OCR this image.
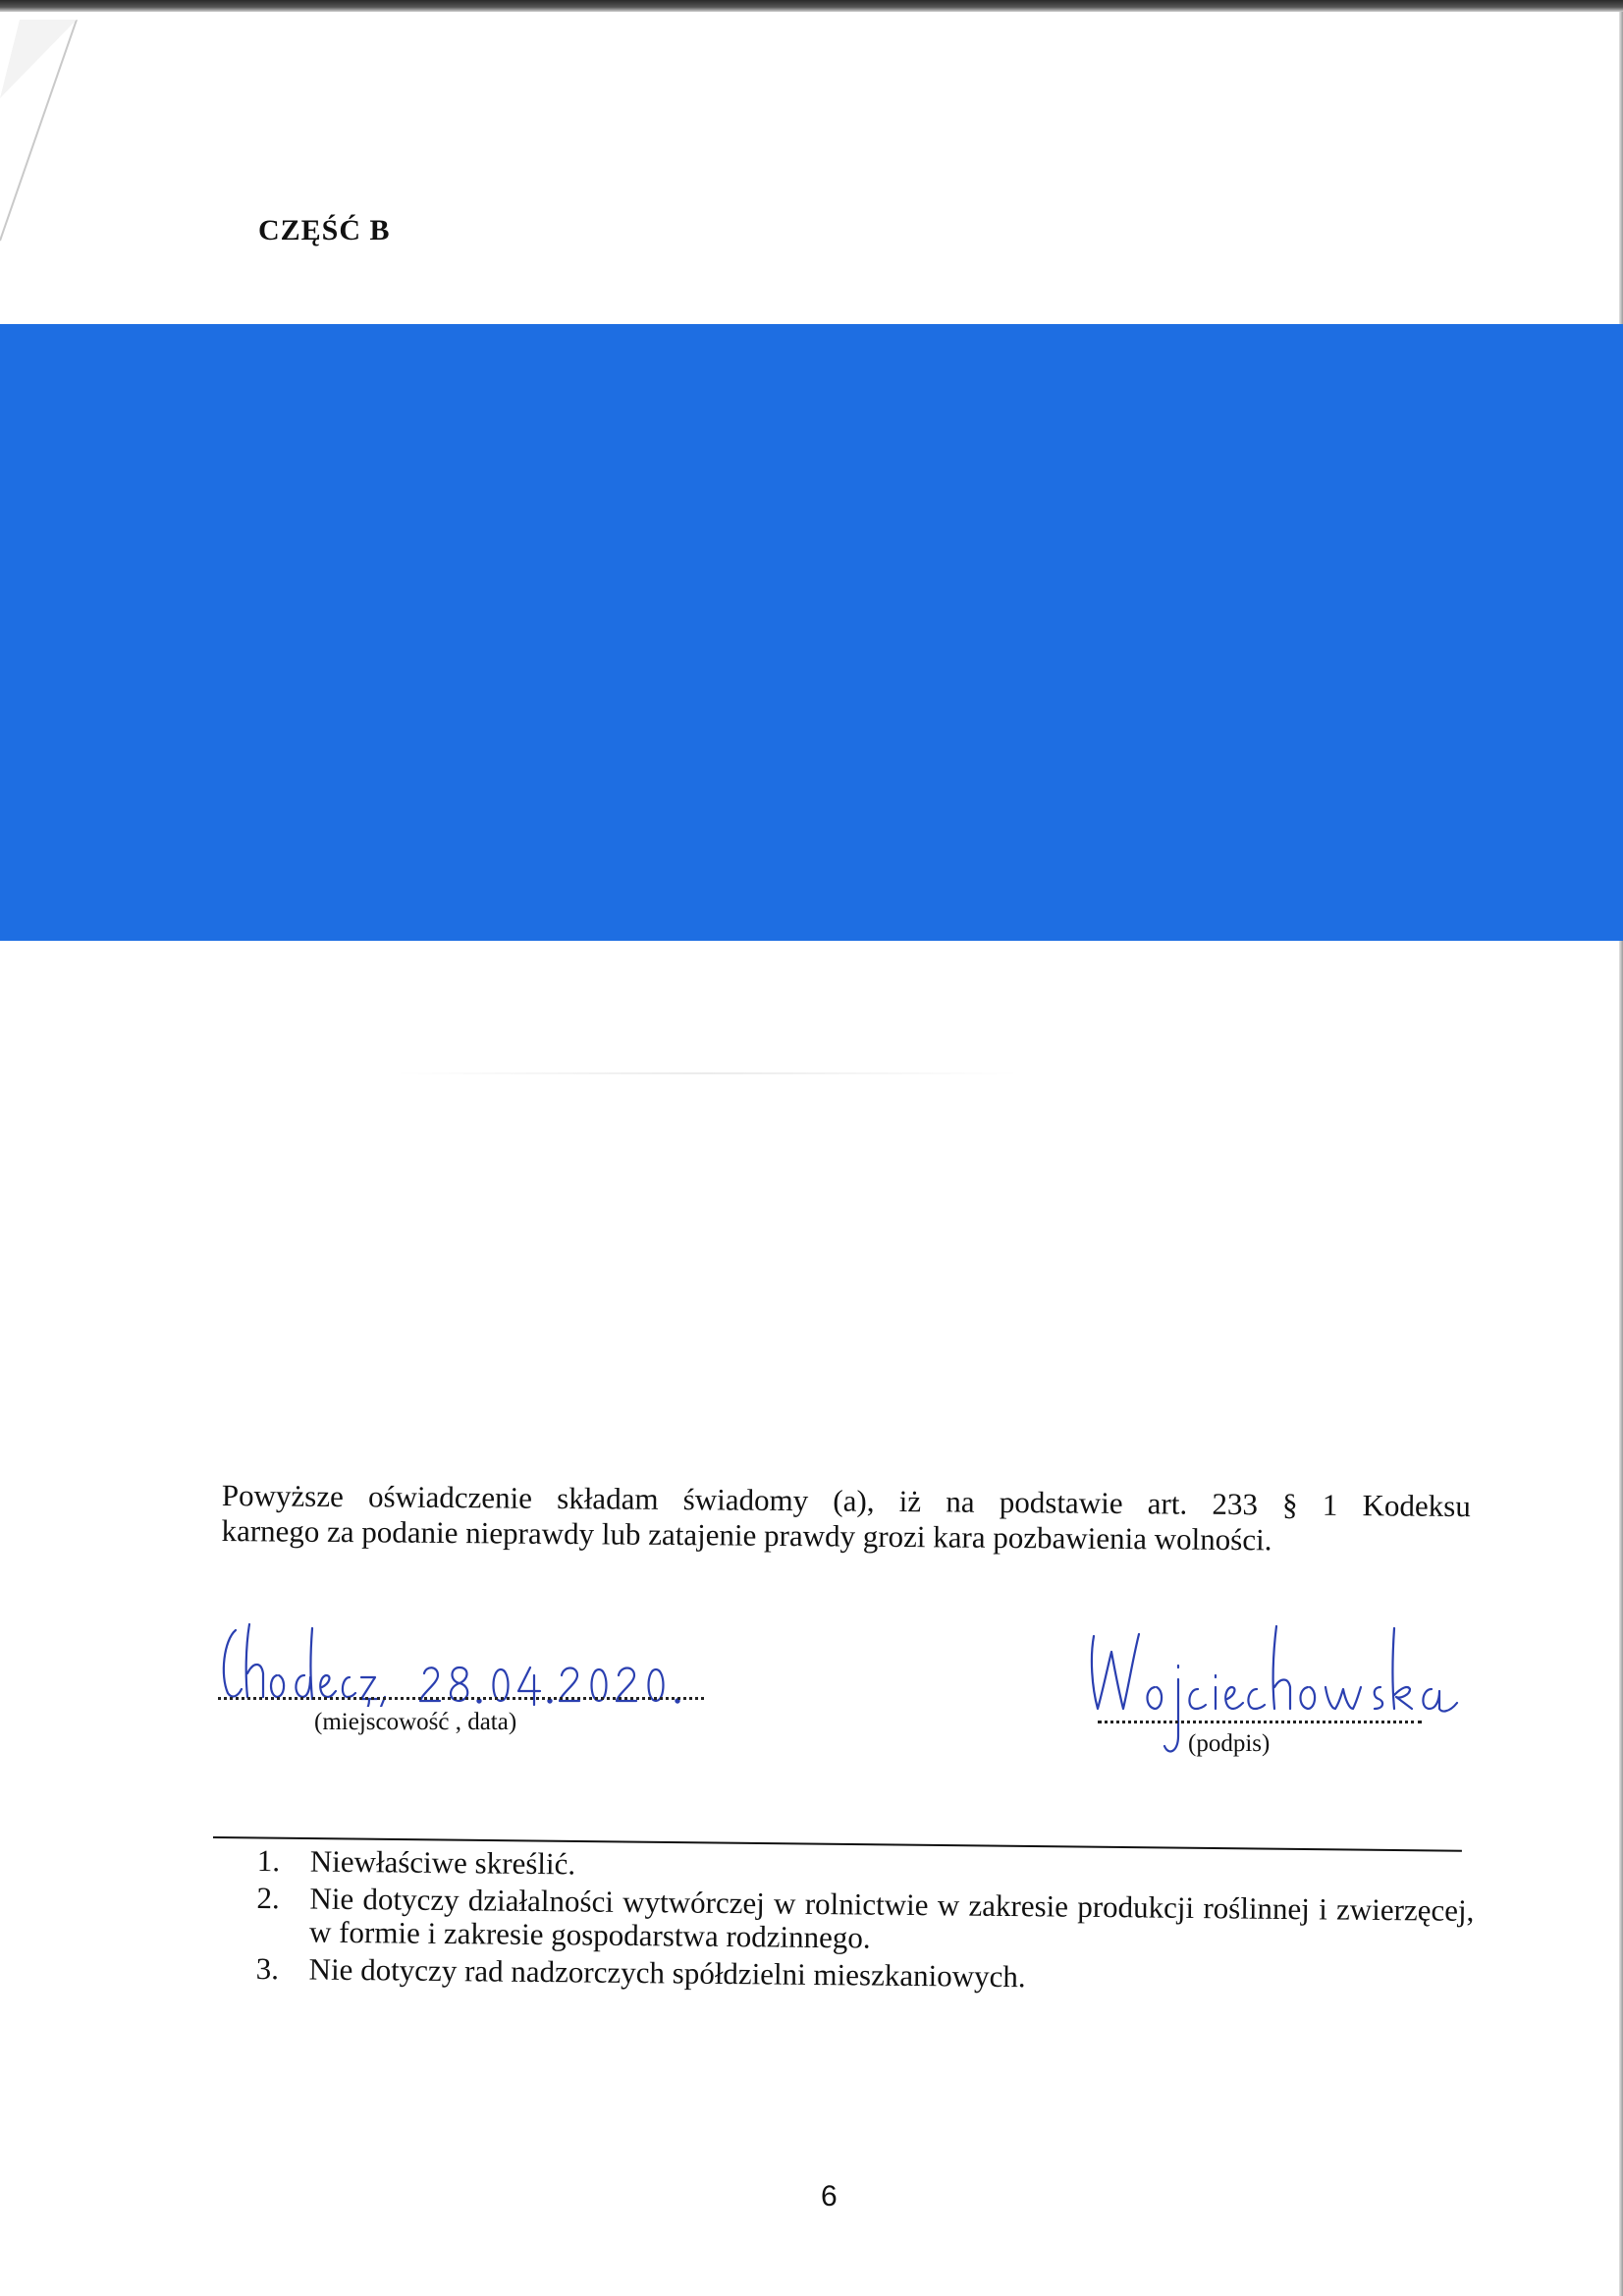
CZĘŚĆ B
Powyższe oświadczenie składam świadomy (a), iż na podstawie art. 233 § 1 Kodeksu
karnego za podanie nieprawdy lub zatajenie prawdy grozi kara pozbawienia wolności.
(miejscowość , data)
(podpis)
1. Niewłaściwe skreślić.
2. Nie dotyczy działalności wytwórczej w rolnictwie w zakresie produkcji roślinnej i zwierzęcej, w formie i zakresie gospodarstwa rodzinnego.
3. Nie dotyczy rad nadzorczych spółdzielni mieszkaniowych.
6
